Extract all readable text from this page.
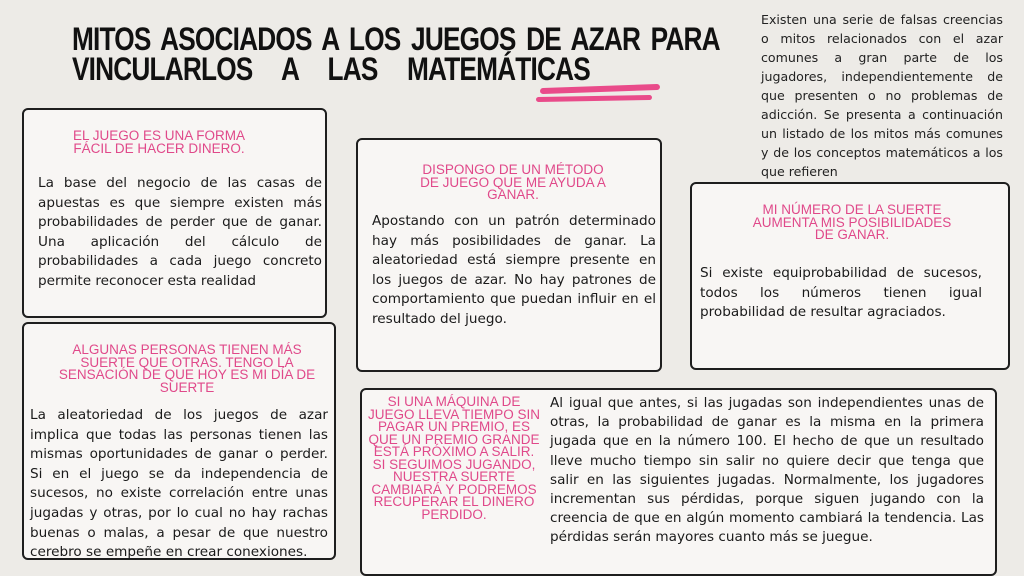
MITOS ASOCIADOS A LOS JUEGOS DE AZAR PARA
VINCULARLOS A LAS MATEMÁTICAS
Existen una serie de falsas creencias o mitos relacionados con el azar comunes a gran parte de los jugadores, independientemente de que presenten o no problemas de adicción. Se presenta a continuación un listado de los mitos más comunes y de los conceptos matemáticos a los que refieren
EL JUEGO ES UNA FORMA FÁCIL DE HACER DINERO.
La base del negocio de las casas de apuestas es que siempre existen más probabilidades de perder que de ganar. Una aplicación del cálculo de probabilidades a cada juego concreto permite reconocer esta realidad
DISPONGO DE UN MÉTODO DE JUEGO QUE ME AYUDA A GANAR.
Apostando con un patrón determinado hay más posibilidades de ganar. La aleatoriedad está siempre presente en los juegos de azar. No hay patrones de comportamiento que puedan influir en el resultado del juego.
MI NÚMERO DE LA SUERTE AUMENTA MIS POSIBILIDADES DE GANAR.
Si existe equiprobabilidad de sucesos, todos los números tienen igual probabilidad de resultar agraciados.
ALGUNAS PERSONAS TIENEN MÁS SUERTE QUE OTRAS. TENGO LA SENSACIÓN DE QUE HOY ES MI DÍA DE SUERTE
La aleatoriedad de los juegos de azar implica que todas las personas tienen las mismas oportunidades de ganar o perder. Si en el juego se da independencia de sucesos, no existe correlación entre unas jugadas y otras, por lo cual no hay rachas buenas o malas, a pesar de que nuestro cerebro se empeñe en crear conexiones.
SI UNA MÁQUINA DE JUEGO LLEVA TIEMPO SIN PAGAR UN PREMIO, ES QUE UN PREMIO GRANDE ESTÁ PRÓXIMO A SALIR. SI SEGUIMOS JUGANDO, NUESTRA SUERTE CAMBIARÁ Y PODREMOS RECUPERAR EL DINERO PERDIDO.
Al igual que antes, si las jugadas son independientes unas de otras, la probabilidad de ganar es la misma en la primera jugada que en la número 100. El hecho de que un resultado lleve mucho tiempo sin salir no quiere decir que tenga que salir en las siguientes jugadas. Normalmente, los jugadores incrementan sus pérdidas, porque siguen jugando con la creencia de que en algún momento cambiará la tendencia. Las pérdidas serán mayores cuanto más se juegue.
